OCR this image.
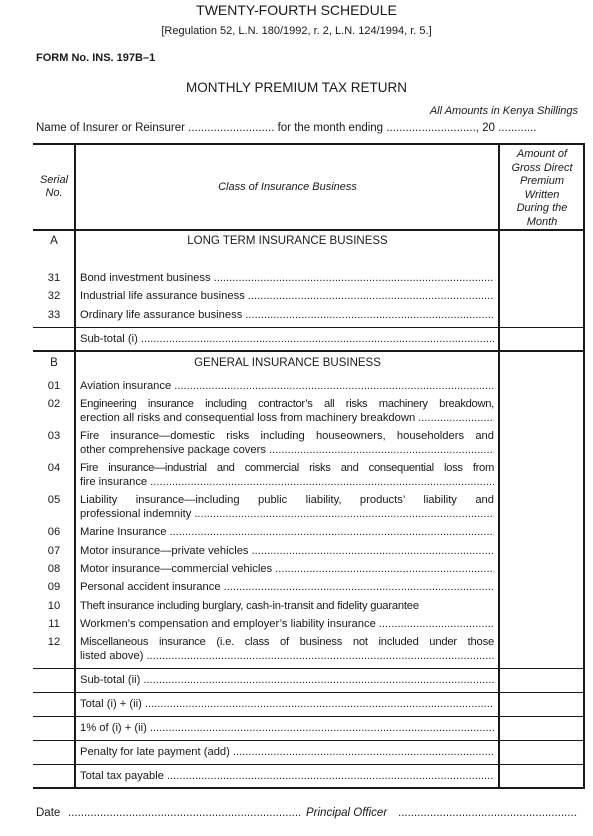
TWENTY-FOURTH SCHEDULE
[Regulation 52, L.N. 180/1992, r. 2, L.N. 124/1994, r. 5.]
FORM No. INS. 197B–1
MONTHLY PREMIUM TAX RETURN
All Amounts in Kenya Shillings
Name of Insurer or Reinsurer ........................... for the month ending ............................, 20 ............
Serial
No.	Class of Insurance Business
Amount of
Gross Direct
Premium
Written
During the
Month
A	LONG TERM INSURANCE BUSINESS
31	Bond investment business
.....
32	Industrial life assurance business
.....
33	Ordinary life assurance business
.....
Sub-total (i)
.....
B	GENERAL INSURANCE BUSINESS
01	Aviation insurance
.....
02	Engineering insurance including contractor’s all risks machinery breakdown,
erection all risks and consequential loss from machinery breakdown
.....
03	Fire insurance—domestic risks including houseowners, householders and
other comprehensive package covers
.....
04	Fire insurance—industrial and commercial risks and consequential loss from
fire insurance
.....
05	Liability insurance—including public liability, products’ liability and
professional indemnity
.....
06	Marine Insurance
.....
07	Motor insurance—private vehicles
.....
08	Motor insurance—commercial vehicles
.....
09	Personal accident insurance
.....
10	Theft insurance including burglary, cash-in-transit and fidelity guarantee
11	Workmen’s compensation and employer’s liability insurance
.....
12	Miscellaneous insurance (i.e. class of business not included under those
listed above)
.....
Sub-total (ii)
.....
Total (i) + (ii)
.....
1% of (i) + (ii)
.....
Penalty for late payment (add)
.....
Total tax payable
.....
Date
.....	Principal Officer
.....
